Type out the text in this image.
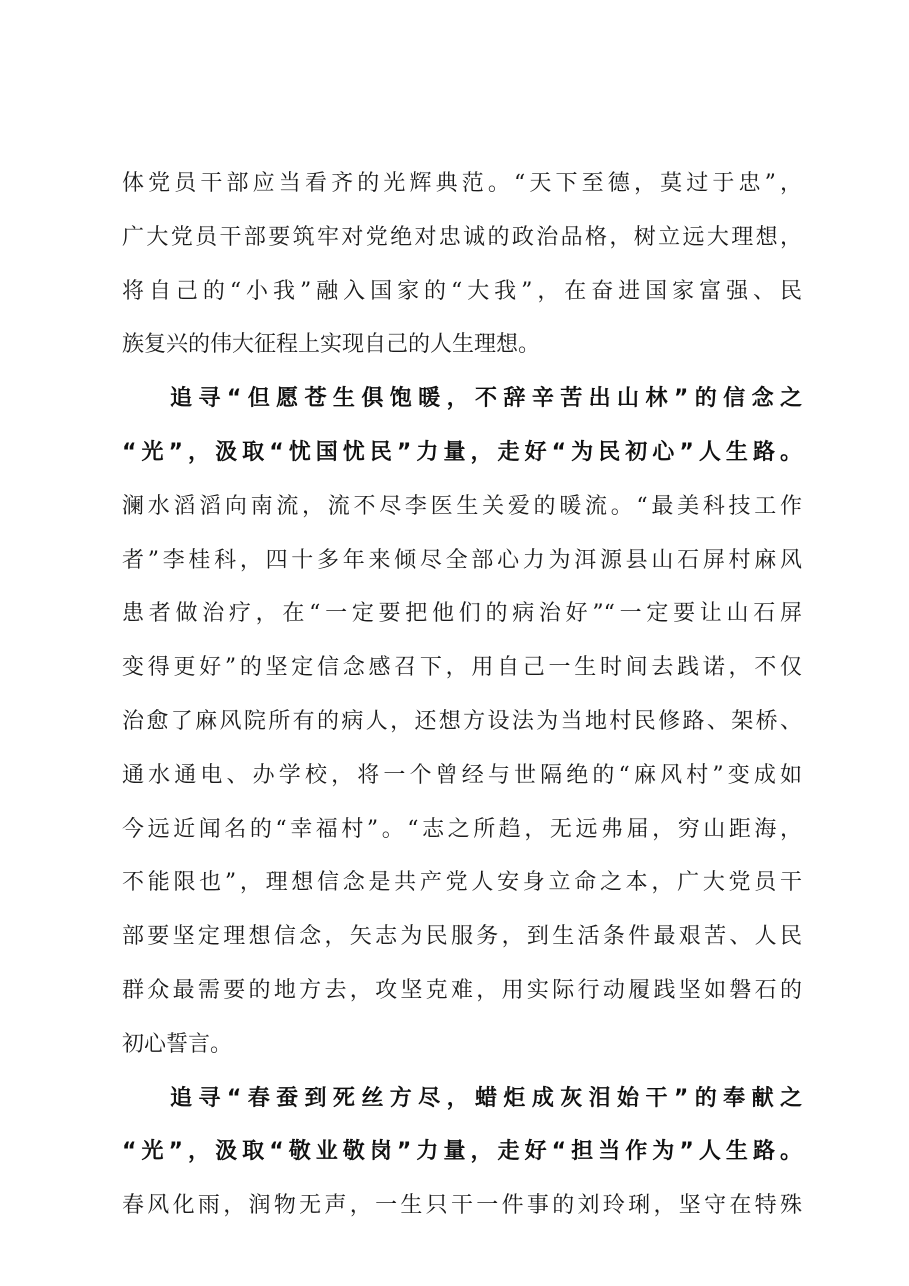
体党员干部应当看齐的光辉典范。“天下至德，莫过于忠”，
广大党员干部要筑牢对党绝对忠诚的政治品格，树立远大理想，
将自己的“小我”融入国家的“大我”，在奋进国家富强、民
族复兴的伟大征程上实现自己的人生理想。
追寻“但愿苍生俱饱暖，不辞辛苦出山林”的信念之
“光”，汲取“忧国忧民”力量，走好“为民初心”人生路。
澜水滔滔向南流，流不尽李医生关爱的暖流。“最美科技工作
者”李桂科，四十多年来倾尽全部心力为洱源县山石屏村麻风
患者做治疗，在“一定要把他们的病治好”“一定要让山石屏
变得更好”的坚定信念感召下，用自己一生时间去践诺，不仅
治愈了麻风院所有的病人，还想方设法为当地村民修路、架桥、
通水通电、办学校，将一个曾经与世隔绝的“麻风村”变成如
今远近闻名的“幸福村”。“志之所趋，无远弗届，穷山距海，
不能限也”，理想信念是共产党人安身立命之本，广大党员干
部要坚定理想信念，矢志为民服务，到生活条件最艰苦、人民
群众最需要的地方去，攻坚克难，用实际行动履践坚如磐石的
初心誓言。
追寻“春蚕到死丝方尽，蜡炬成灰泪始干”的奉献之
“光”，汲取“敬业敬岗”力量，走好“担当作为”人生路。
春风化雨，润物无声，一生只干一件事的刘玲琍，坚守在特殊
